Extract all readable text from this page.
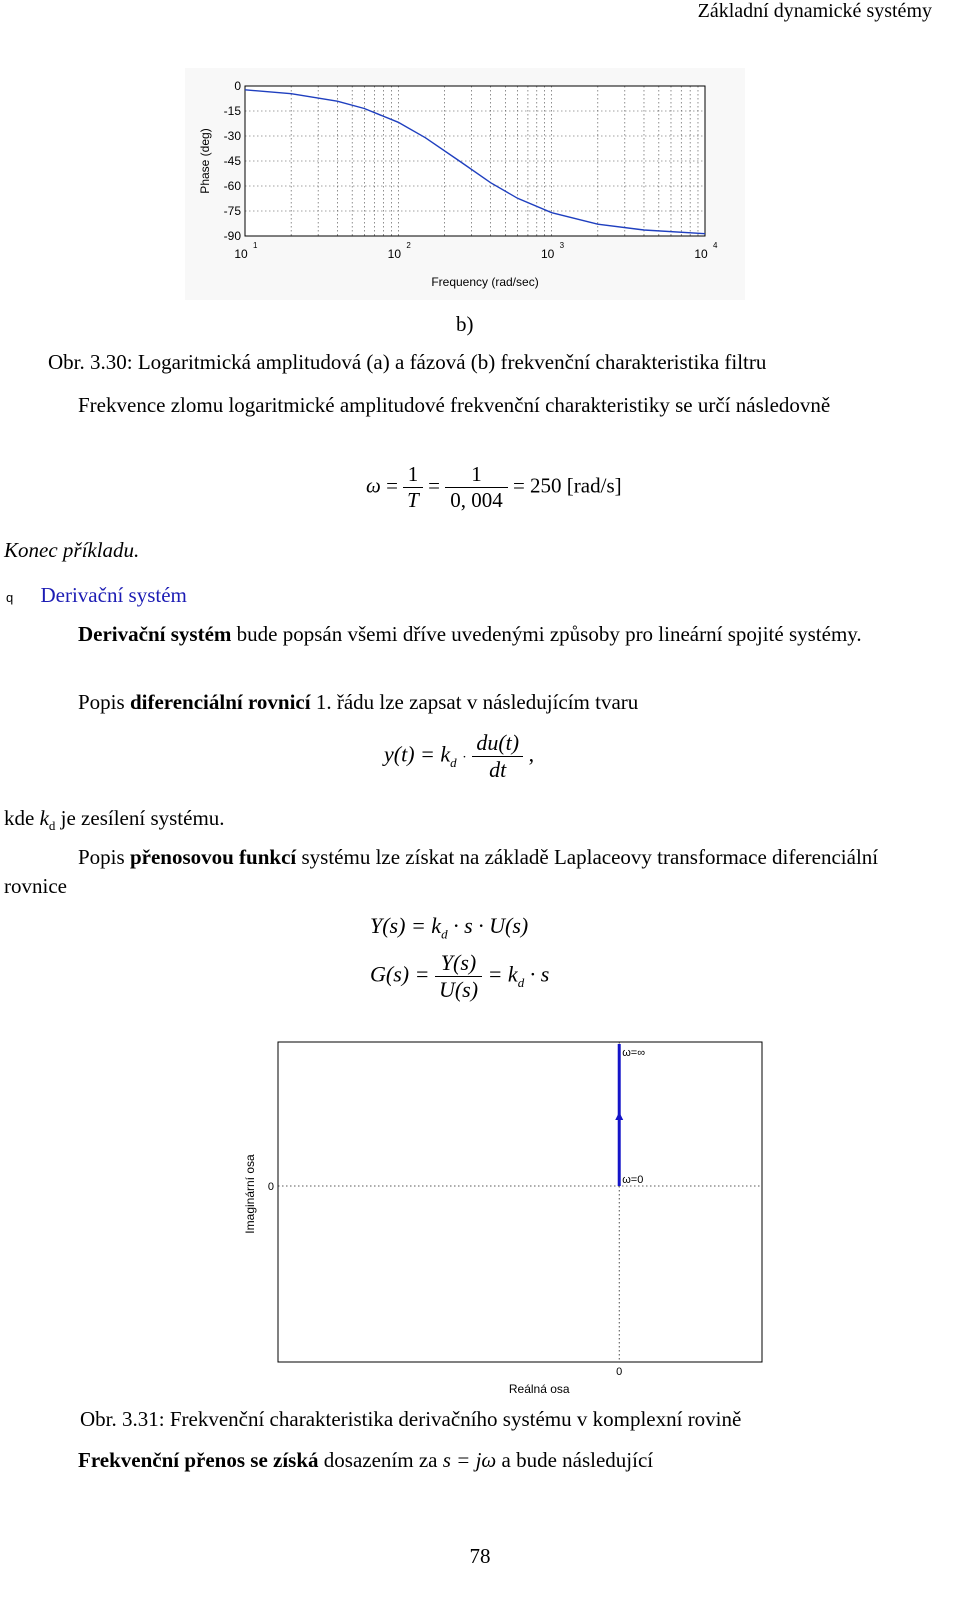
Základní dynamické systémy
0
-15
-30
-45
-60
-75
-90
10
1
10
2
10
3
10
4
Frequency (rad/sec)
Phase (deg)
b)
Obr. 3.30: Logaritmická amplitudová (a) a fázová (b) frekvenční charakteristika filtru
Frekvence zlomu logaritmické amplitudové frekvenční charakteristiky se určí následovně
$\omega = \frac{1}{T} = \frac{1}{0, 004} = 250$ [rad/s]
Konec příkladu.
q Derivační systém
Derivační systém bude popsán všemi dříve uvedenými způsoby pro lineární spojité systémy.
Popis diferenciální rovnicí 1. řádu lze zapsat v následujícím tvaru
$y(t) = k_d \cdot \frac{du(t)}{dt}$ ,
kde $k_d$ je zesílení systému.
Popis přenosovou funkcí systému lze získat na základě Laplaceovy transformace diferenciální rovnice
$Y(s) = k_d \cdot s \cdot U(s)$
$G(s) = \frac{Y(s)}{U(s)} = k_d \cdot s$
0
0
Reálná osa
Imaginární osa	ω=0
ω=∞
Obr. 3.31: Frekvenční charakteristika derivačního systému v komplexní rovině
Frekvenční přenos se získá dosazením za s = jω a bude následující
78
